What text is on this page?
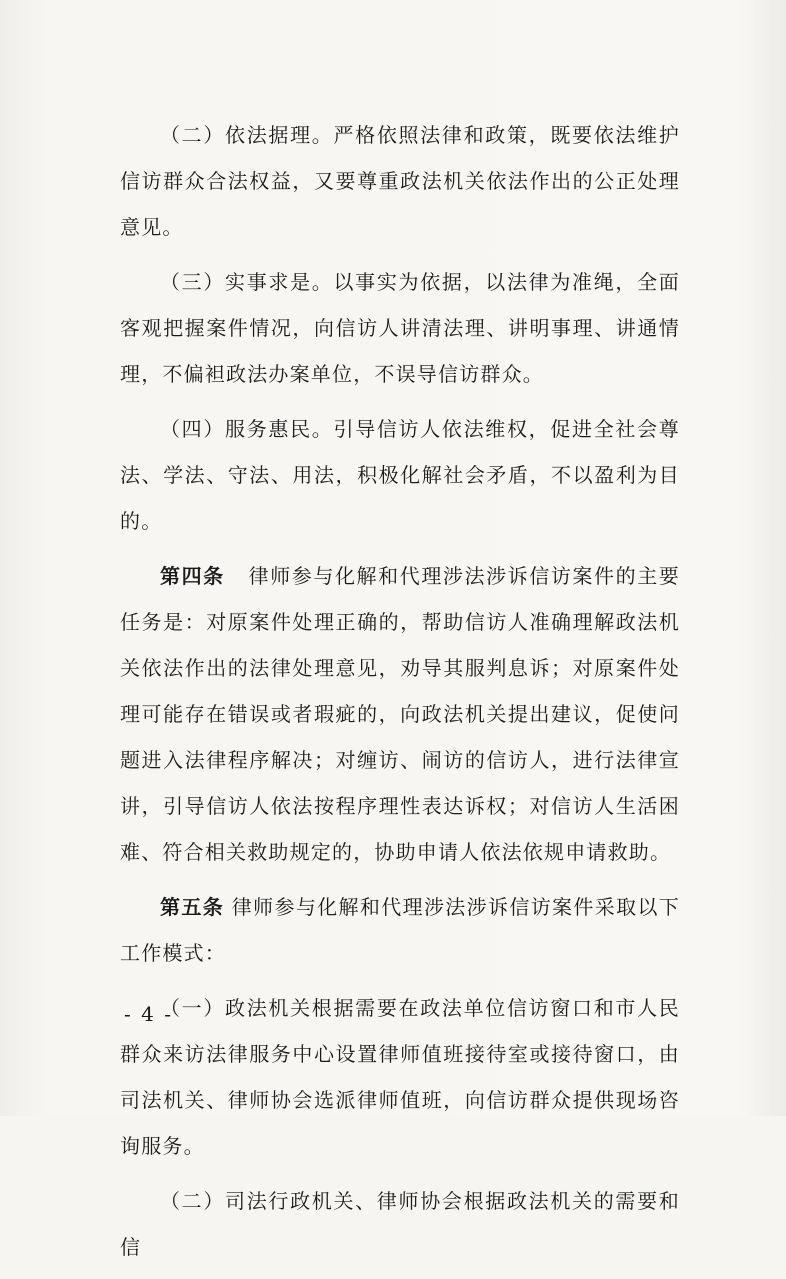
（二）依法据理。严格依照法律和政策，既要依法维护信访群众合法权益，又要尊重政法机关依法作出的公正处理意见。

（三）实事求是。以事实为依据，以法律为准绳，全面客观把握案件情况，向信访人讲清法理、讲明事理、讲通情理，不偏袒政法办案单位，不误导信访群众。

（四）服务惠民。引导信访人依法维权，促进全社会尊法、学法、守法、用法，积极化解社会矛盾，不以盈利为目的。

第四条 律师参与化解和代理涉法涉诉信访案件的主要任务是：对原案件处理正确的，帮助信访人准确理解政法机关依法作出的法律处理意见，劝导其服判息诉；对原案件处理可能存在错误或者瑕疵的，向政法机关提出建议，促使问题进入法律程序解决；对缠访、闹访的信访人，进行法律宣讲，引导信访人依法按程序理性表达诉权；对信访人生活困难、符合相关救助规定的，协助申请人依法依规申请救助。

第五条 律师参与化解和代理涉法涉诉信访案件采取以下工作模式：

（一）政法机关根据需要在政法单位信访窗口和市人民群众来访法律服务中心设置律师值班接待室或接待窗口，由司法机关、律师协会选派律师值班，向信访群众提供现场咨询服务。

（二）司法行政机关、律师协会根据政法机关的需要和信

- 4 -
